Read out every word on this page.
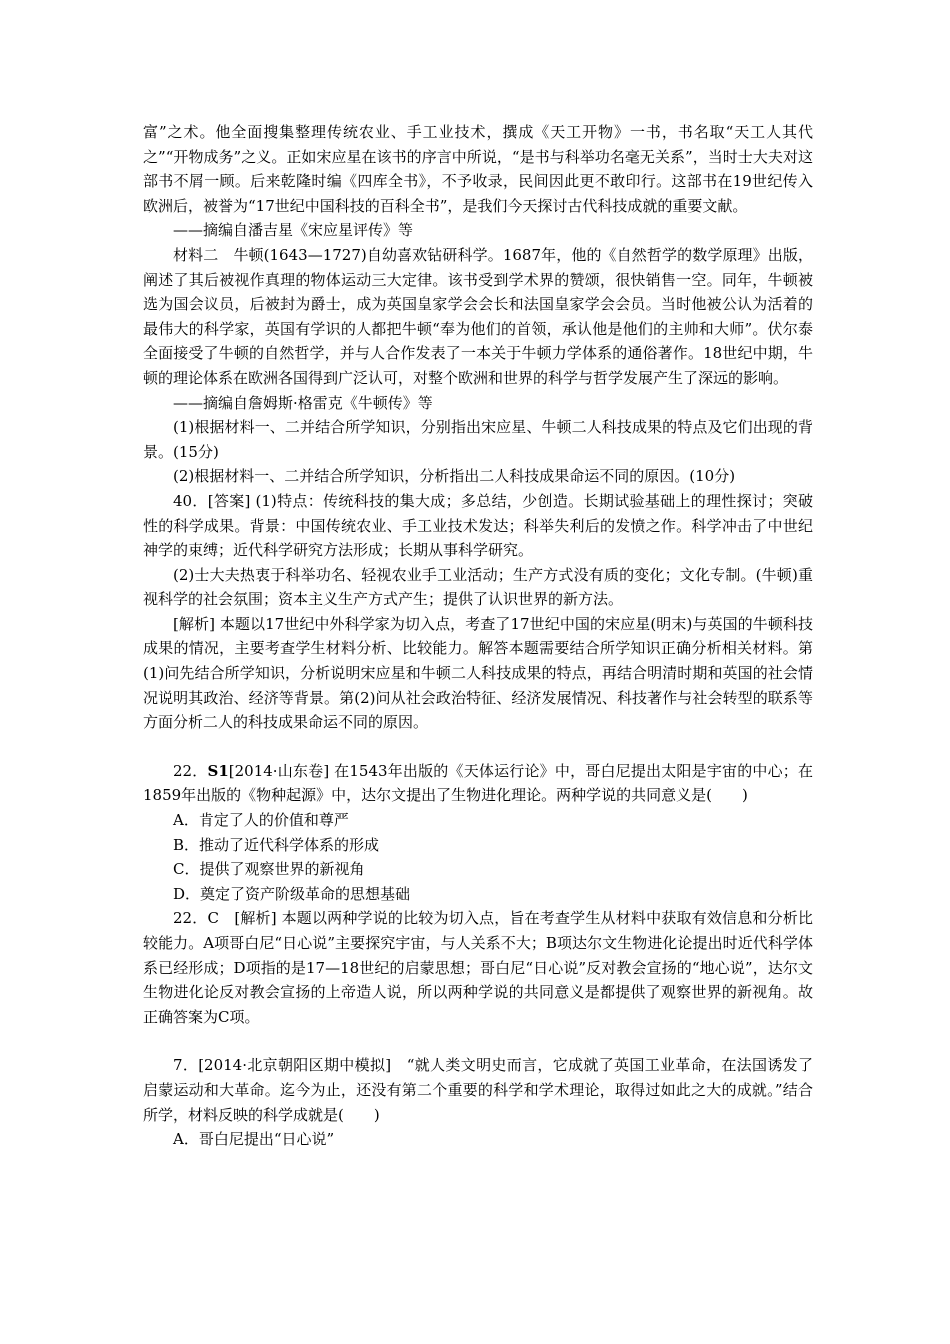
富”之术。他全面搜集整理传统农业、手工业技术，撰成《天工开物》一书，书名取“天工人其代之”“开物成务”之义。正如宋应星在该书的序言中所说，“是书与科举功名毫无关系”，当时士大夫对这部书不屑一顾。后来乾隆时编《四库全书》，不予收录，民间因此更不敢印行。这部书在19世纪传入欧洲后，被誉为“17世纪中国科技的百科全书”，是我们今天探讨古代科技成就的重要文献。

——摘编自潘吉星《宋应星评传》等

材料二　牛顿(1643—1727)自幼喜欢钻研科学。1687年，他的《自然哲学的数学原理》出版，阐述了其后被视作真理的物体运动三大定律。该书受到学术界的赞颂，很快销售一空。同年，牛顿被选为国会议员，后被封为爵士，成为英国皇家学会会长和法国皇家学会会员。当时他被公认为活着的最伟大的科学家，英国有学识的人都把牛顿“奉为他们的首领，承认他是他们的主帅和大师”。伏尔泰全面接受了牛顿的自然哲学，并与人合作发表了一本关于牛顿力学体系的通俗著作。18世纪中期，牛顿的理论体系在欧洲各国得到广泛认可，对整个欧洲和世界的科学与哲学发展产生了深远的影响。

——摘编自詹姆斯·格雷克《牛顿传》等

(1)根据材料一、二并结合所学知识，分别指出宋应星、牛顿二人科技成果的特点及它们出现的背景。(15分)

(2)根据材料一、二并结合所学知识，分析指出二人科技成果命运不同的原因。(10分)

40．[答案] (1)特点：传统科技的集大成；多总结，少创造。长期试验基础上的理性探讨；突破性的科学成果。背景：中国传统农业、手工业技术发达；科举失利后的发愤之作。科学冲击了中世纪神学的束缚；近代科学研究方法形成；长期从事科学研究。

(2)士大夫热衷于科举功名、轻视农业手工业活动；生产方式没有质的变化；文化专制。(牛顿)重视科学的社会氛围；资本主义生产方式产生；提供了认识世界的新方法。

[解析] 本题以17世纪中外科学家为切入点，考查了17世纪中国的宋应星(明末)与英国的牛顿科技成果的情况，主要考查学生材料分析、比较能力。解答本题需要结合所学知识正确分析相关材料。第(1)问先结合所学知识，分析说明宋应星和牛顿二人科技成果的特点，再结合明清时期和英国的社会情况说明其政治、经济等背景。第(2)问从社会政治特征、经济发展情况、科技著作与社会转型的联系等方面分析二人的科技成果命运不同的原因。

22．S1[2014·山东卷] 在1543年出版的《天体运行论》中，哥白尼提出太阳是宇宙的中心；在1859年出版的《物种起源》中，达尔文提出了生物进化理论。两种学说的共同意义是(　　)

A．肯定了人的价值和尊严

B．推动了近代科学体系的形成

C．提供了观察世界的新视角

D．奠定了资产阶级革命的思想基础

22．C　[解析] 本题以两种学说的比较为切入点，旨在考查学生从材料中获取有效信息和分析比较能力。A项哥白尼“日心说”主要探究宇宙，与人关系不大；B项达尔文生物进化论提出时近代科学体系已经形成；D项指的是17—18世纪的启蒙思想；哥白尼“日心说”反对教会宣扬的“地心说”，达尔文生物进化论反对教会宣扬的上帝造人说，所以两种学说的共同意义是都提供了观察世界的新视角。故正确答案为C项。

7．[2014·北京朝阳区期中模拟]　“就人类文明史而言，它成就了英国工业革命，在法国诱发了启蒙运动和大革命。迄今为止，还没有第二个重要的科学和学术理论，取得过如此之大的成就。”结合所学，材料反映的科学成就是(　　)

A．哥白尼提出“日心说”
